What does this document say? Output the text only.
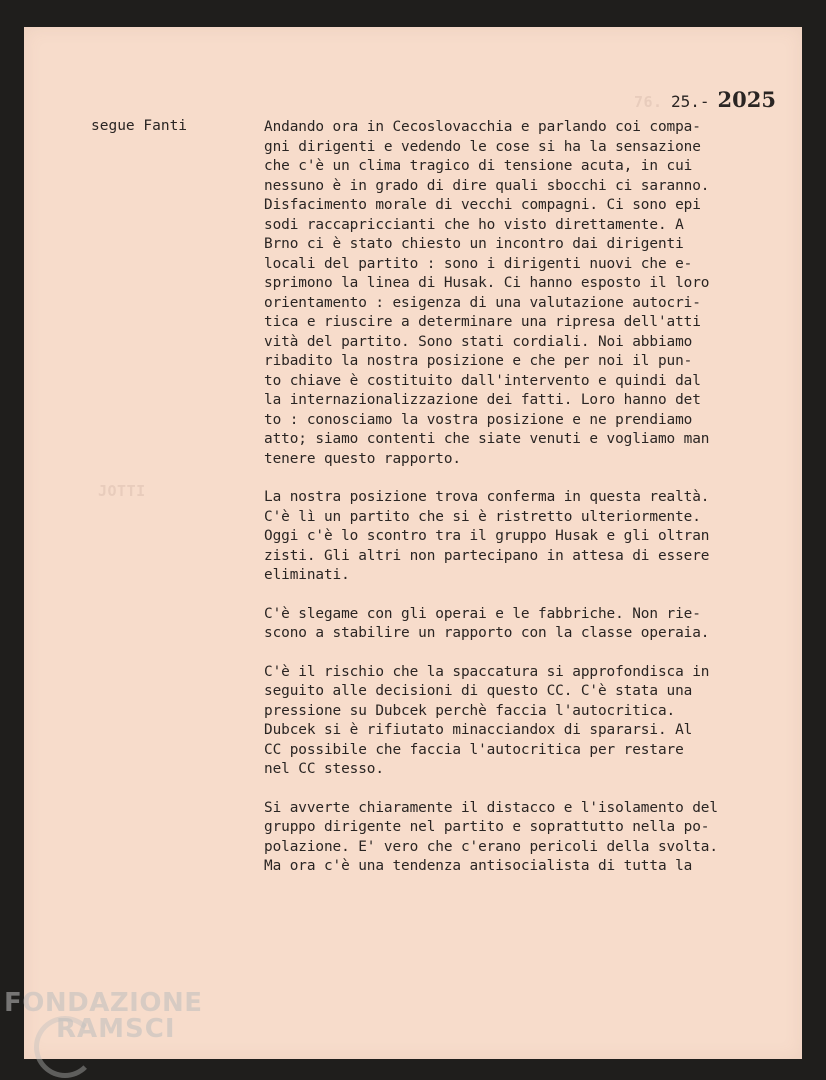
76.
JOTTI
25.- 2025
segue Fanti	Andando ora in Cecoslovacchia e parlando coi compa-
gni dirigenti e vedendo le cose si ha la sensazione
che c'è un clima tragico di tensione acuta, in cui
nessuno è in grado di dire quali sbocchi ci saranno.
Disfacimento morale di vecchi compagni. Ci sono epi
sodi raccapriccianti che ho visto direttamente. A
Brno ci è stato chiesto un incontro dai dirigenti
locali del partito : sono i dirigenti nuovi che e-
sprimono la linea di Husak. Ci hanno esposto il loro
orientamento : esigenza di una valutazione autocri-
tica e riuscire a determinare una ripresa dell'atti
vità del partito. Sono stati cordiali. Noi abbiamo
ribadito la nostra posizione e che per noi il pun-
to chiave è costituito dall'intervento e quindi dal
la internazionalizzazione dei fatti. Loro hanno det
to : conosciamo la vostra posizione e ne prendiamo
atto; siamo contenti che siate venuti e vogliamo man
tenere questo rapporto.

La nostra posizione trova conferma in questa realtà.
C'è lì un partito che si è ristretto ulteriormente.
Oggi c'è lo scontro tra il gruppo Husak e gli oltran
zisti. Gli altri non partecipano in attesa di essere
eliminati.

C'è slegame con gli operai e le fabbriche. Non rie-
scono a stabilire un rapporto con la classe operaia.

C'è il rischio che la spaccatura si approfondisca in
seguito alle decisioni di questo CC. C'è stata una
pressione su Dubcek perchè faccia l'autocritica.
Dubcek si è rifiutato minacciandox di spararsi. Al
CC possibile che faccia l'autocritica per restare
nel CC stesso.

Si avverte chiaramente il distacco e l'isolamento del
gruppo dirigente nel partito e soprattutto nella po-
polazione. E' vero che c'erano pericoli della svolta.
Ma ora c'è una tendenza antisocialista di tutta la

FONDAZIONE
RAMSCI
